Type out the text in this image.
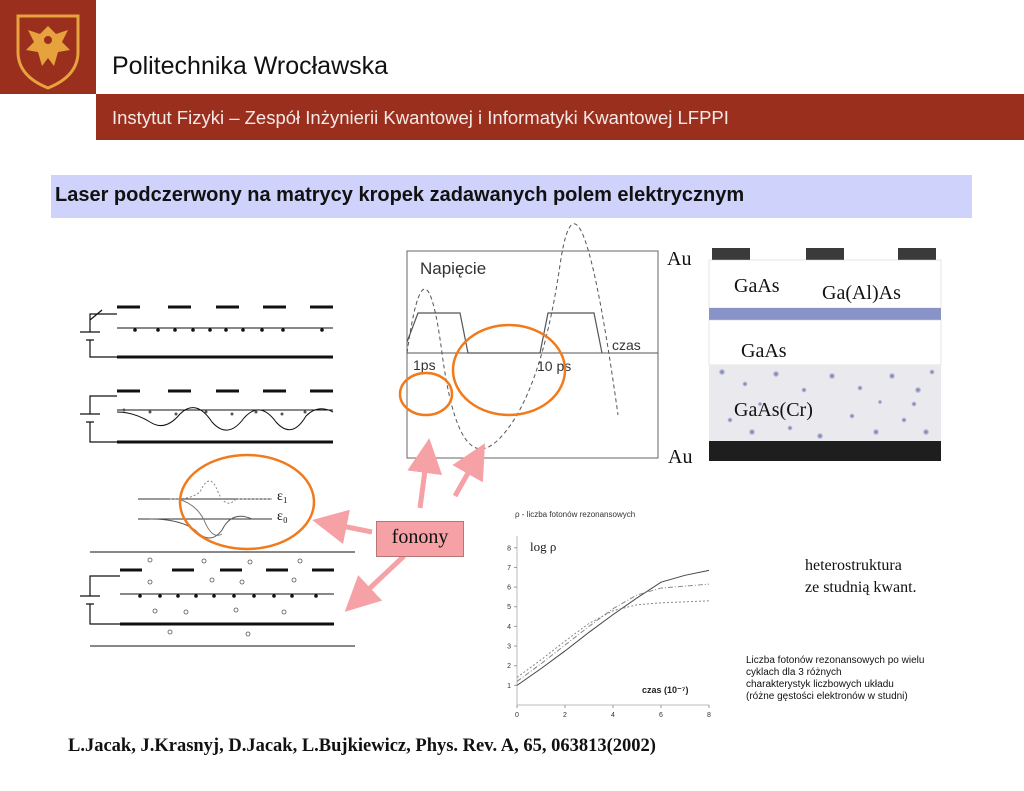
Politechnika Wrocławska
Instytut Fizyki – Zespół Inżynierii Kwantowej i Informatyki Kwantowej LFPPI
Laser podczerwony na matrycy kropek zadawanych polem elektrycznym
ε₁
ε₀
Napięcie
czas
1ps	10 ps
0	2	4	6	8
1
2
3
4
5
6
7
8
ρ - liczba fotonów rezonansowych
log ρ
czas (10⁻⁷)
fonony
Au
Au
GaAs Ga(Al)As
GaAs
GaAs(Cr)
heterostruktura
ze studnią kwant.
Liczba fotonów rezonansowych po wielu
cyklach dla 3 różnych
charakterystyk liczbowych układu
(różne gęstości elektronów w studni)
L.Jacak, J.Krasnyj, D.Jacak, L.Bujkiewicz, Phys. Rev. A, 65, 063813(2002)
